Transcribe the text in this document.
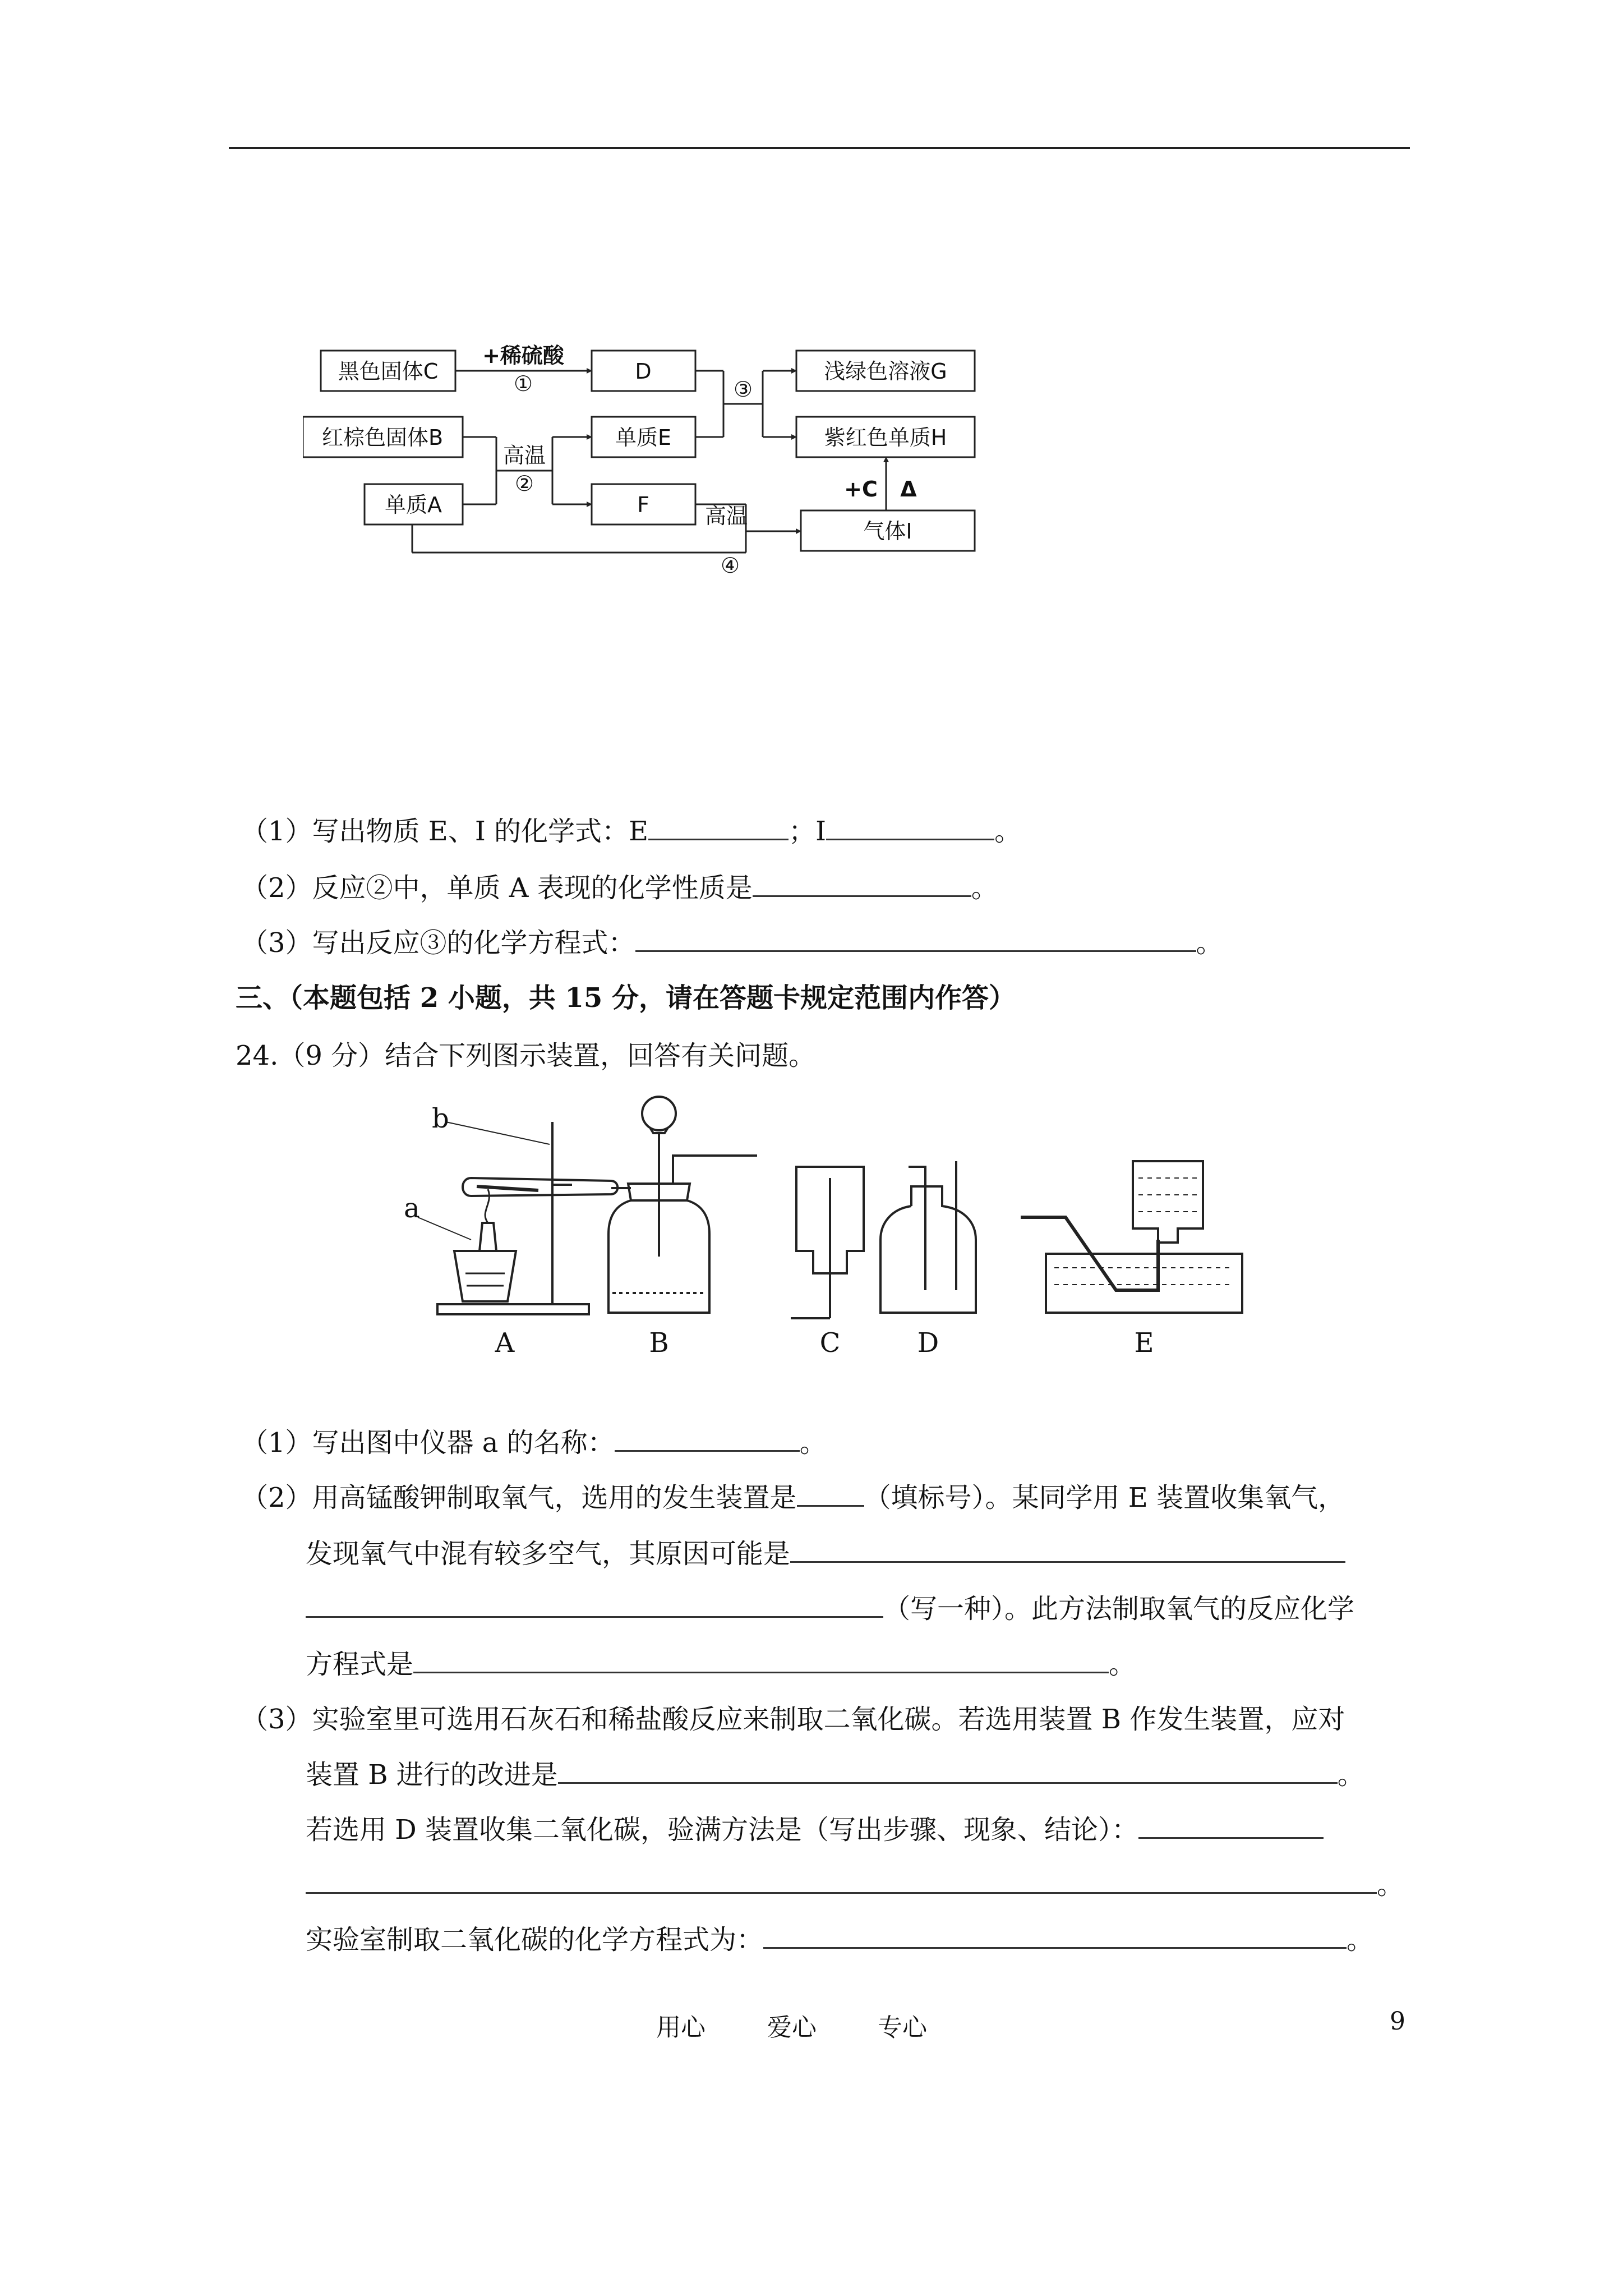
黑色固体C	D	浅绿色溶液G
红棕色固体B	单质E	紫红色单质H
单质A	F
气体I
+稀硫酸
①
高温
②
③
高温
④
+C Δ
（1）写出物质 E、I 的化学式：E	；I	。
（2）反应②中，单质 A 表现的化学性质是	。
（3）写出反应③的化学方程式：	。
三、（本题包括 2 小题，共 15 分，请在答题卡规定范围内作答）
24.（9 分）结合下列图示装置，回答有关问题。
a
b
A	B	C	D	E
（1）写出图中仪器 a 的名称：	。
（2）用高锰酸钾制取氧气，选用的发生装置是	（填标号）。某同学用 E 装置收集氧气，
发现氧气中混有较多空气，其原因可能是
（写一种）。此方法制取氧气的反应化学
方程式是	。
（3）实验室里可选用石灰石和稀盐酸反应来制取二氧化碳。若选用装置 B 作发生装置，应对
装置 B 进行的改进是	。
若选用 D 装置收集二氧化碳，验满方法是（写出步骤、现象、结论）：
。
实验室制取二氧化碳的化学方程式为：	。
用心	爱心 专心	9
